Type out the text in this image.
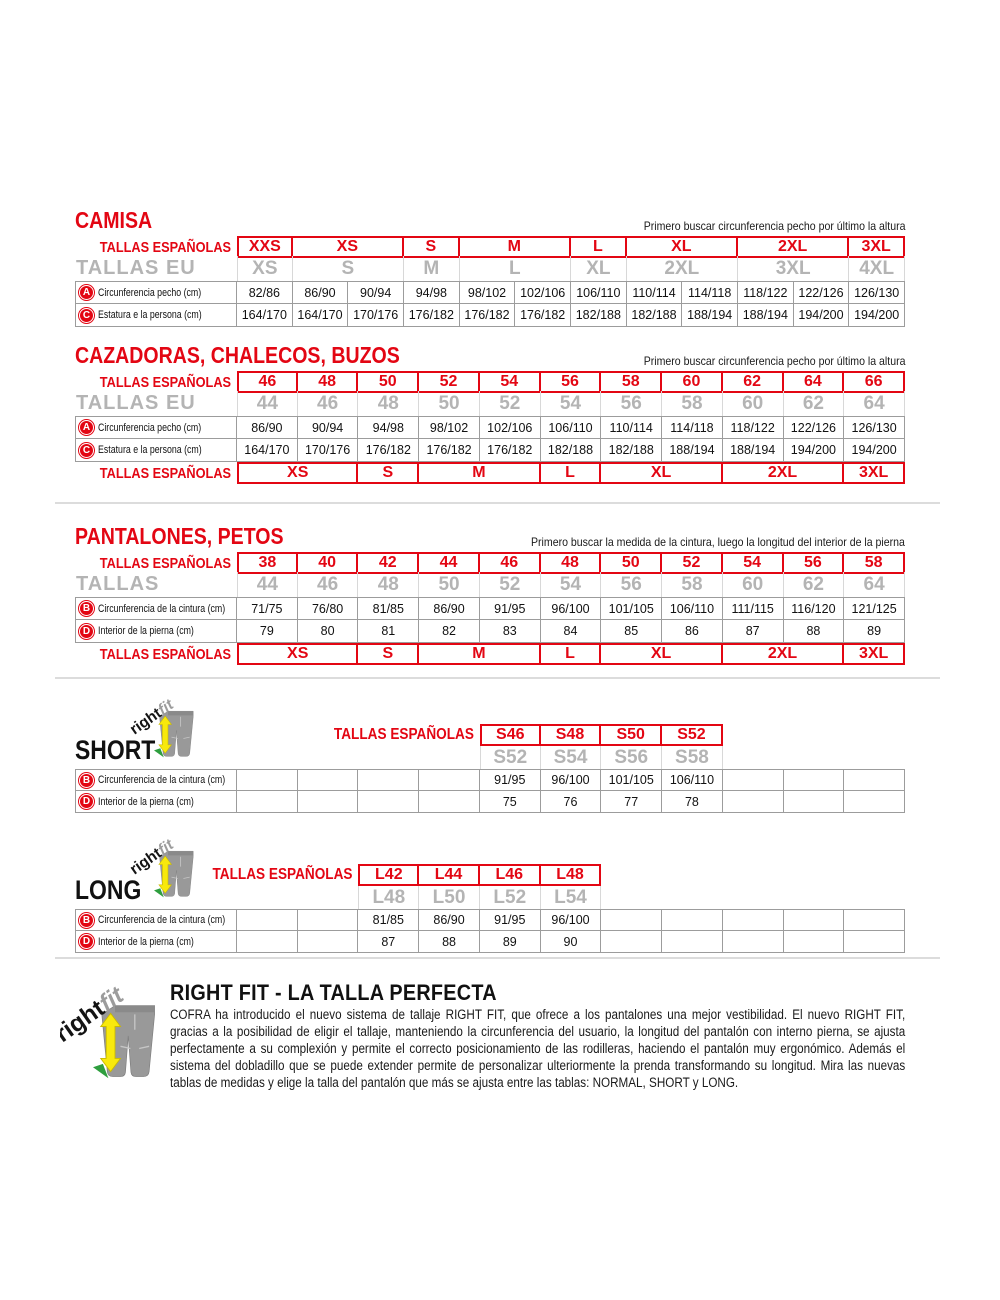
CAMISA	Primero buscar circunferencia pecho por último la altura
TALLAS ESPAÑOLAS	XXS	XS	S	M	L	XL	2XL	3XL
TALLAS EU	XS	S	M	L	XL	2XL	3XL	4XL
A Circunferencia pecho (cm)	82/86	86/90	90/94	94/98	98/102	102/106 106/110 110/114 114/118 118/122 122/126 126/130
C Estatura e la persona (cm)	164/170 164/170 170/176 176/182 176/182 176/182 182/188 182/188 188/194 188/194 194/200 194/200
CAZADORAS, CHALECOS, BUZOS	Primero buscar circunferencia pecho por último la altura
TALLAS ESPAÑOLAS	46	48	50	52	54	56	58	60	62	64	66
TALLAS EU	44	46	48	50	52	54	56	58	60	62	64
A Circunferencia pecho (cm)	86/90	90/94	94/98	98/102	102/106	106/110	110/114	114/118	118/122	122/126	126/130
C Estatura e la persona (cm)	164/170	170/176	176/182	176/182	176/182	182/188	182/188	188/194	188/194	194/200	194/200
TALLAS ESPAÑOLAS	XS	S	M	L	XL	2XL	3XL
PANTALONES, PETOS	Primero buscar la medida de la cintura, luego la longitud del interior de la pierna
TALLAS ESPAÑOLAS	38	40	42	44	46	48	50	52	54	56	58
TALLAS	44	46	48	50	52	54	56	58	60	62	64
B Circunferencia de la cintura (cm)	71/75	76/80	81/85	86/90	91/95	96/100	101/105	106/110	111/115	116/120	121/125
D Interior de la pierna (cm)	79	80	81	82	83	84	85	86	87	88	89
TALLAS ESPAÑOLAS	XS	S	M	L	XL	2XL	3XL
SHORT
TALLAS ESPAÑOLAS	S46	S48	S50	S52
S52	S54	S56	S58
B Circunferencia de la cintura (cm)	91/95	96/100	101/105	106/110
D Interior de la pierna (cm)	75	76	77	78
LONG
TALLAS ESPAÑOLAS	L42	L44	L46	L48
L48	L50	L52	L54
B Circunferencia de la cintura (cm)	81/85	86/90	91/95	96/100
D Interior de la pierna (cm)	87	88	89	90
RIGHT FIT - LA TALLA PERFECTA
COFRA ha introducido el nuevo sistema de tallaje RIGHT FIT, que ofrece a los pantalones una mejor vestibilidad. El nuevo RIGHT FIT, gracias a la posibilidad de eligir el tallaje, manteniendo la circunferencia del usuario, la longitud del pantalón con interno pierna, se ajusta perfectamente a su complexión y permite el correcto posicionamiento de las rodilleras, haciendo el pantalón muy ergonómico. Además el sistema del dobladillo que se puede extender permite de personalizar ulteriormente la prenda transformando su longitud. Mira las nuevas tablas de medidas y elige la talla del pantalón que más se ajusta entre las tablas: NORMAL, SHORT y LONG.
